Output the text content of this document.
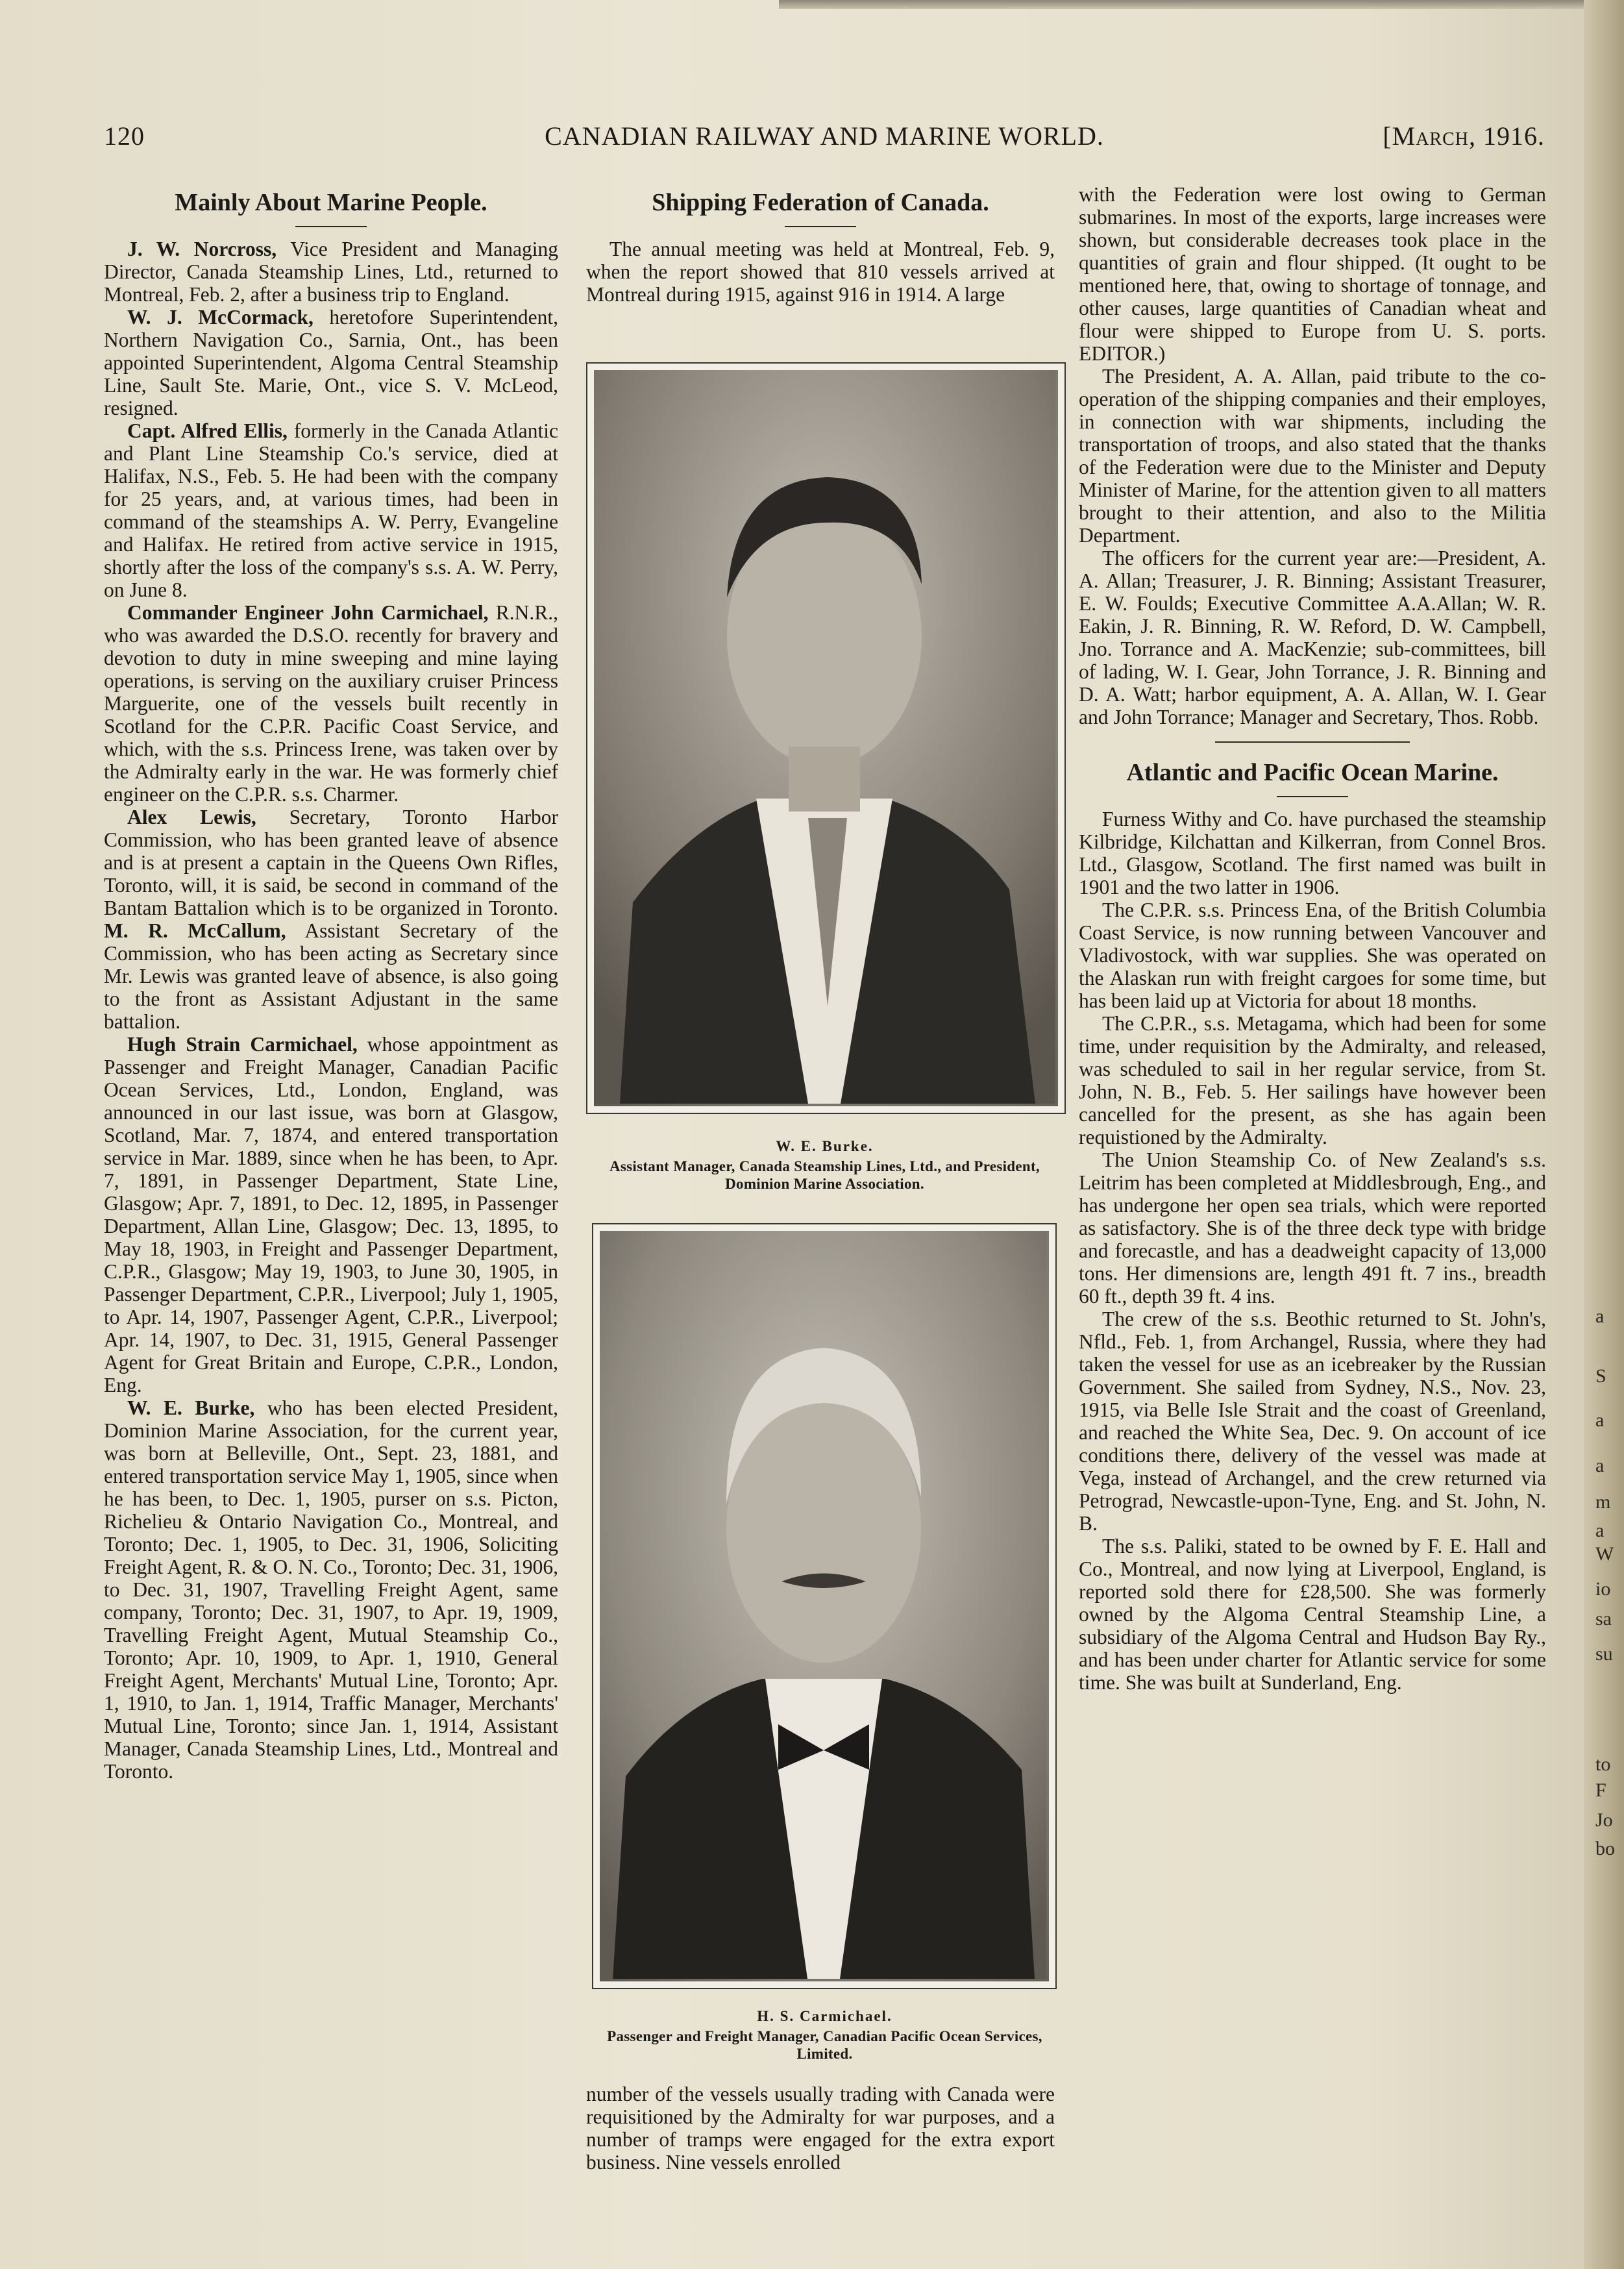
a
S
a
a
m
a
W
io
sa
su
to
F
Jo
bo
120	CANADIAN RAILWAY AND MARINE WORLD.	[March, 1916.
Mainly About Marine People.

J. W. Norcross, Vice President and Managing Director, Canada Steamship Lines, Ltd., returned to Montreal, Feb. 2, after a business trip to England.

W. J. McCormack, heretofore Superintendent, Northern Navigation Co., Sarnia, Ont., has been appointed Superintendent, Algoma Central Steamship Line, Sault Ste. Marie, Ont., vice S. V. McLeod, resigned.

Capt. Alfred Ellis, formerly in the Canada Atlantic and Plant Line Steamship Co.'s service, died at Halifax, N.S., Feb. 5. He had been with the company for 25 years, and, at various times, had been in command of the steamships A. W. Perry, Evangeline and Halifax. He retired from active service in 1915, shortly after the loss of the company's s.s. A. W. Perry, on June 8.

Commander Engineer John Carmichael, R.N.R., who was awarded the D.S.O. recently for bravery and devotion to duty in mine sweeping and mine laying operations, is serving on the auxiliary cruiser Princess Marguerite, one of the vessels built recently in Scotland for the C.P.R. Pacific Coast Service, and which, with the s.s. Princess Irene, was taken over by the Admiralty early in the war. He was formerly chief engineer on the C.P.R. s.s. Charmer.

Alex Lewis, Secretary, Toronto Harbor Commission, who has been granted leave of absence and is at present a captain in the Queens Own Rifles, Toronto, will, it is said, be second in command of the Bantam Battalion which is to be organized in Toronto. M. R. McCallum, Assistant Secretary of the Commission, who has been acting as Secretary since Mr. Lewis was granted leave of absence, is also going to the front as Assistant Adjustant in the same battalion.

Hugh Strain Carmichael, whose appointment as Passenger and Freight Manager, Canadian Pacific Ocean Services, Ltd., London, England, was announced in our last issue, was born at Glasgow, Scotland, Mar. 7, 1874, and entered transportation service in Mar. 1889, since when he has been, to Apr. 7, 1891, in Passenger Department, State Line, Glasgow; Apr. 7, 1891, to Dec. 12, 1895, in Passenger Department, Allan Line, Glasgow; Dec. 13, 1895, to May 18, 1903, in Freight and Passenger Department, C.P.R., Glasgow; May 19, 1903, to June 30, 1905, in Passenger Department, C.P.R., Liverpool; July 1, 1905, to Apr. 14, 1907, Passenger Agent, C.P.R., Liverpool; Apr. 14, 1907, to Dec. 31, 1915, General Passenger Agent for Great Britain and Europe, C.P.R., London, Eng.

W. E. Burke, who has been elected President, Dominion Marine Association, for the current year, was born at Belleville, Ont., Sept. 23, 1881, and entered transportation service May 1, 1905, since when he has been, to Dec. 1, 1905, purser on s.s. Picton, Richelieu & Ontario Navigation Co., Montreal, and Toronto; Dec. 1, 1905, to Dec. 31, 1906, Soliciting Freight Agent, R. & O. N. Co., Toronto; Dec. 31, 1906, to Dec. 31, 1907, Travelling Freight Agent, same company, Toronto; Dec. 31, 1907, to Apr. 19, 1909, Travelling Freight Agent, Mutual Steamship Co., Toronto; Apr. 10, 1909, to Apr. 1, 1910, General Freight Agent, Merchants' Mutual Line, Toronto; Apr. 1, 1910, to Jan. 1, 1914, Traffic Manager, Merchants' Mutual Line, Toronto; since Jan. 1, 1914, Assistant Manager, Canada Steamship Lines, Ltd., Montreal and Toronto.

Shipping Federation of Canada.

The annual meeting was held at Montreal, Feb. 9, when the report showed that 810 vessels arrived at Montreal during 1915, against 916 in 1914. A large

W. E. Burke.
Assistant Manager, Canada Steamship Lines, Ltd., and President, Dominion Marine Association.
H. S. Carmichael.
Passenger and Freight Manager, Canadian Pacific Ocean Services, Limited.

number of the vessels usually trading with Canada were requisitioned by the Admiralty for war purposes, and a number of tramps were engaged for the extra export business. Nine vessels enrolled

with the Federation were lost owing to German submarines. In most of the exports, large increases were shown, but considerable decreases took place in the quantities of grain and flour shipped. (It ought to be mentioned here, that, owing to shortage of tonnage, and other causes, large quantities of Canadian wheat and flour were shipped to Europe from U. S. ports. EDITOR.)

The President, A. A. Allan, paid tribute to the co-operation of the shipping companies and their employes, in connection with war shipments, including the transportation of troops, and also stated that the thanks of the Federation were due to the Minister and Deputy Minister of Marine, for the attention given to all matters brought to their attention, and also to the Militia Department.

The officers for the current year are:—President, A. A. Allan; Treasurer, J. R. Binning; Assistant Treasurer, E. W. Foulds; Executive Committee A.A.Allan; W. R. Eakin, J. R. Binning, R. W. Reford, D. W. Campbell, Jno. Torrance and A. MacKenzie; sub-committees, bill of lading, W. I. Gear, John Torrance, J. R. Binning and D. A. Watt; harbor equipment, A. A. Allan, W. I. Gear and John Torrance; Manager and Secretary, Thos. Robb.

Atlantic and Pacific Ocean Marine.

Furness Withy and Co. have purchased the steamship Kilbridge, Kilchattan and Kilkerran, from Connel Bros. Ltd., Glasgow, Scotland. The first named was built in 1901 and the two latter in 1906.

The C.P.R. s.s. Princess Ena, of the British Columbia Coast Service, is now running between Vancouver and Vladivostock, with war supplies. She was operated on the Alaskan run with freight cargoes for some time, but has been laid up at Victoria for about 18 months.

The C.P.R., s.s. Metagama, which had been for some time, under requisition by the Admiralty, and released, was scheduled to sail in her regular service, from St. John, N. B., Feb. 5. Her sailings have however been cancelled for the present, as she has again been requistioned by the Admiralty.

The Union Steamship Co. of New Zealand's s.s. Leitrim has been completed at Middlesbrough, Eng., and has undergone her open sea trials, which were reported as satisfactory. She is of the three deck type with bridge and forecastle, and has a deadweight capacity of 13,000 tons. Her dimensions are, length 491 ft. 7 ins., breadth 60 ft., depth 39 ft. 4 ins.

The crew of the s.s. Beothic returned to St. John's, Nfld., Feb. 1, from Archangel, Russia, where they had taken the vessel for use as an icebreaker by the Russian Government. She sailed from Sydney, N.S., Nov. 23, 1915, via Belle Isle Strait and the coast of Greenland, and reached the White Sea, Dec. 9. On account of ice conditions there, delivery of the vessel was made at Vega, instead of Archangel, and the crew returned via Petrograd, Newcastle-upon-Tyne, Eng. and St. John, N. B.

The s.s. Paliki, stated to be owned by F. E. Hall and Co., Montreal, and now lying at Liverpool, England, is reported sold there for £28,500. She was formerly owned by the Algoma Central Steamship Line, a subsidiary of the Algoma Central and Hudson Bay Ry., and has been under charter for Atlantic service for some time. She was built at Sunderland, Eng.
